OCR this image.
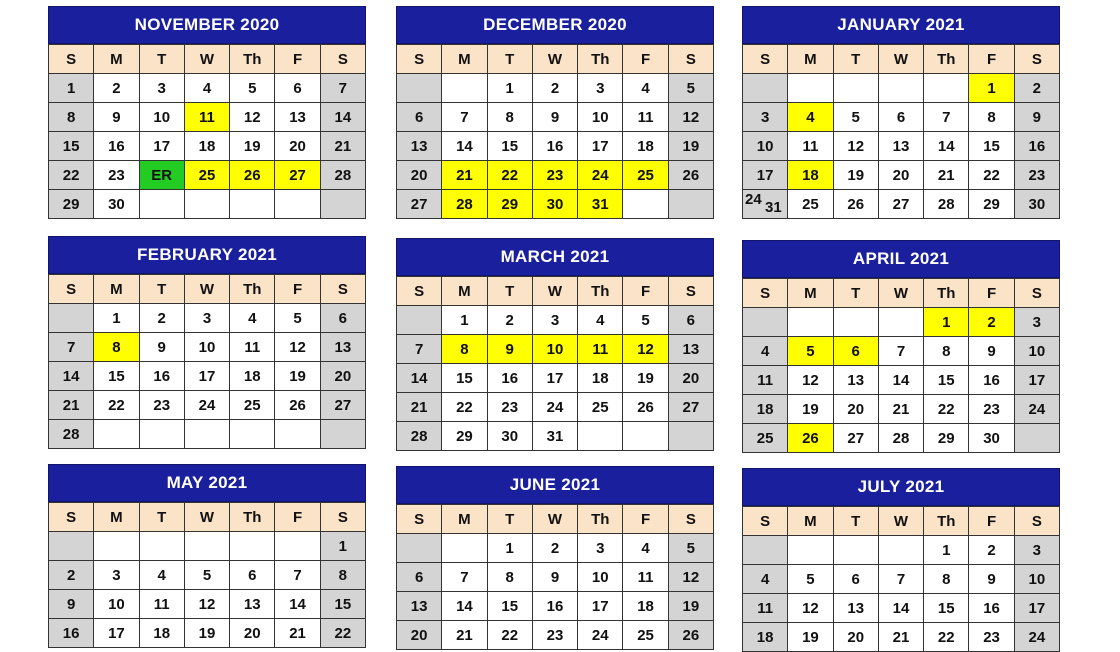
NOVEMBER 2020
S	M	T	W	Th	F	S
1	2	3	4	5	6	7
8	9	10	11	12	13	14
15	16	17	18	19	20	21
22	23	ER	25	26	27	28
29	30					
DECEMBER 2020
S	M	T	W	Th	F	S
		1	2	3	4	5
6	7	8	9	10	11	12
13	14	15	16	17	18	19
20	21	22	23	24	25	26
27	28	29	30	31		
JANUARY 2021
S	M	T	W	Th	F	S
					1	2
3	4	5	6	7	8	9
10	11	12	13	14	15	16
17	18	19	20	21	22	23

24 31	25	26	27	28	29	30
FEBRUARY 2021
S	M	T	W	Th	F	S
	1	2	3	4	5	6
7	8	9	10	11	12	13
14	15	16	17	18	19	20
21	22	23	24	25	26	27
28						
MARCH 2021
S	M	T	W	Th	F	S
	1	2	3	4	5	6
7	8	9	10	11	12	13
14	15	16	17	18	19	20
21	22	23	24	25	26	27
28	29	30	31			
APRIL 2021
S	M	T	W	Th	F	S
				1	2	3
4	5	6	7	8	9	10
11	12	13	14	15	16	17
18	19	20	21	22	23	24
25	26	27	28	29	30	
MAY 2021
S	M	T	W	Th	F	S
						1
2	3	4	5	6	7	8
9	10	11	12	13	14	15
16	17	18	19	20	21	22
JUNE 2021
S	M	T	W	Th	F	S
		1	2	3	4	5
6	7	8	9	10	11	12
13	14	15	16	17	18	19
20	21	22	23	24	25	26
JULY 2021
S	M	T	W	Th	F	S
				1	2	3
4	5	6	7	8	9	10
11	12	13	14	15	16	17
18	19	20	21	22	23	24
